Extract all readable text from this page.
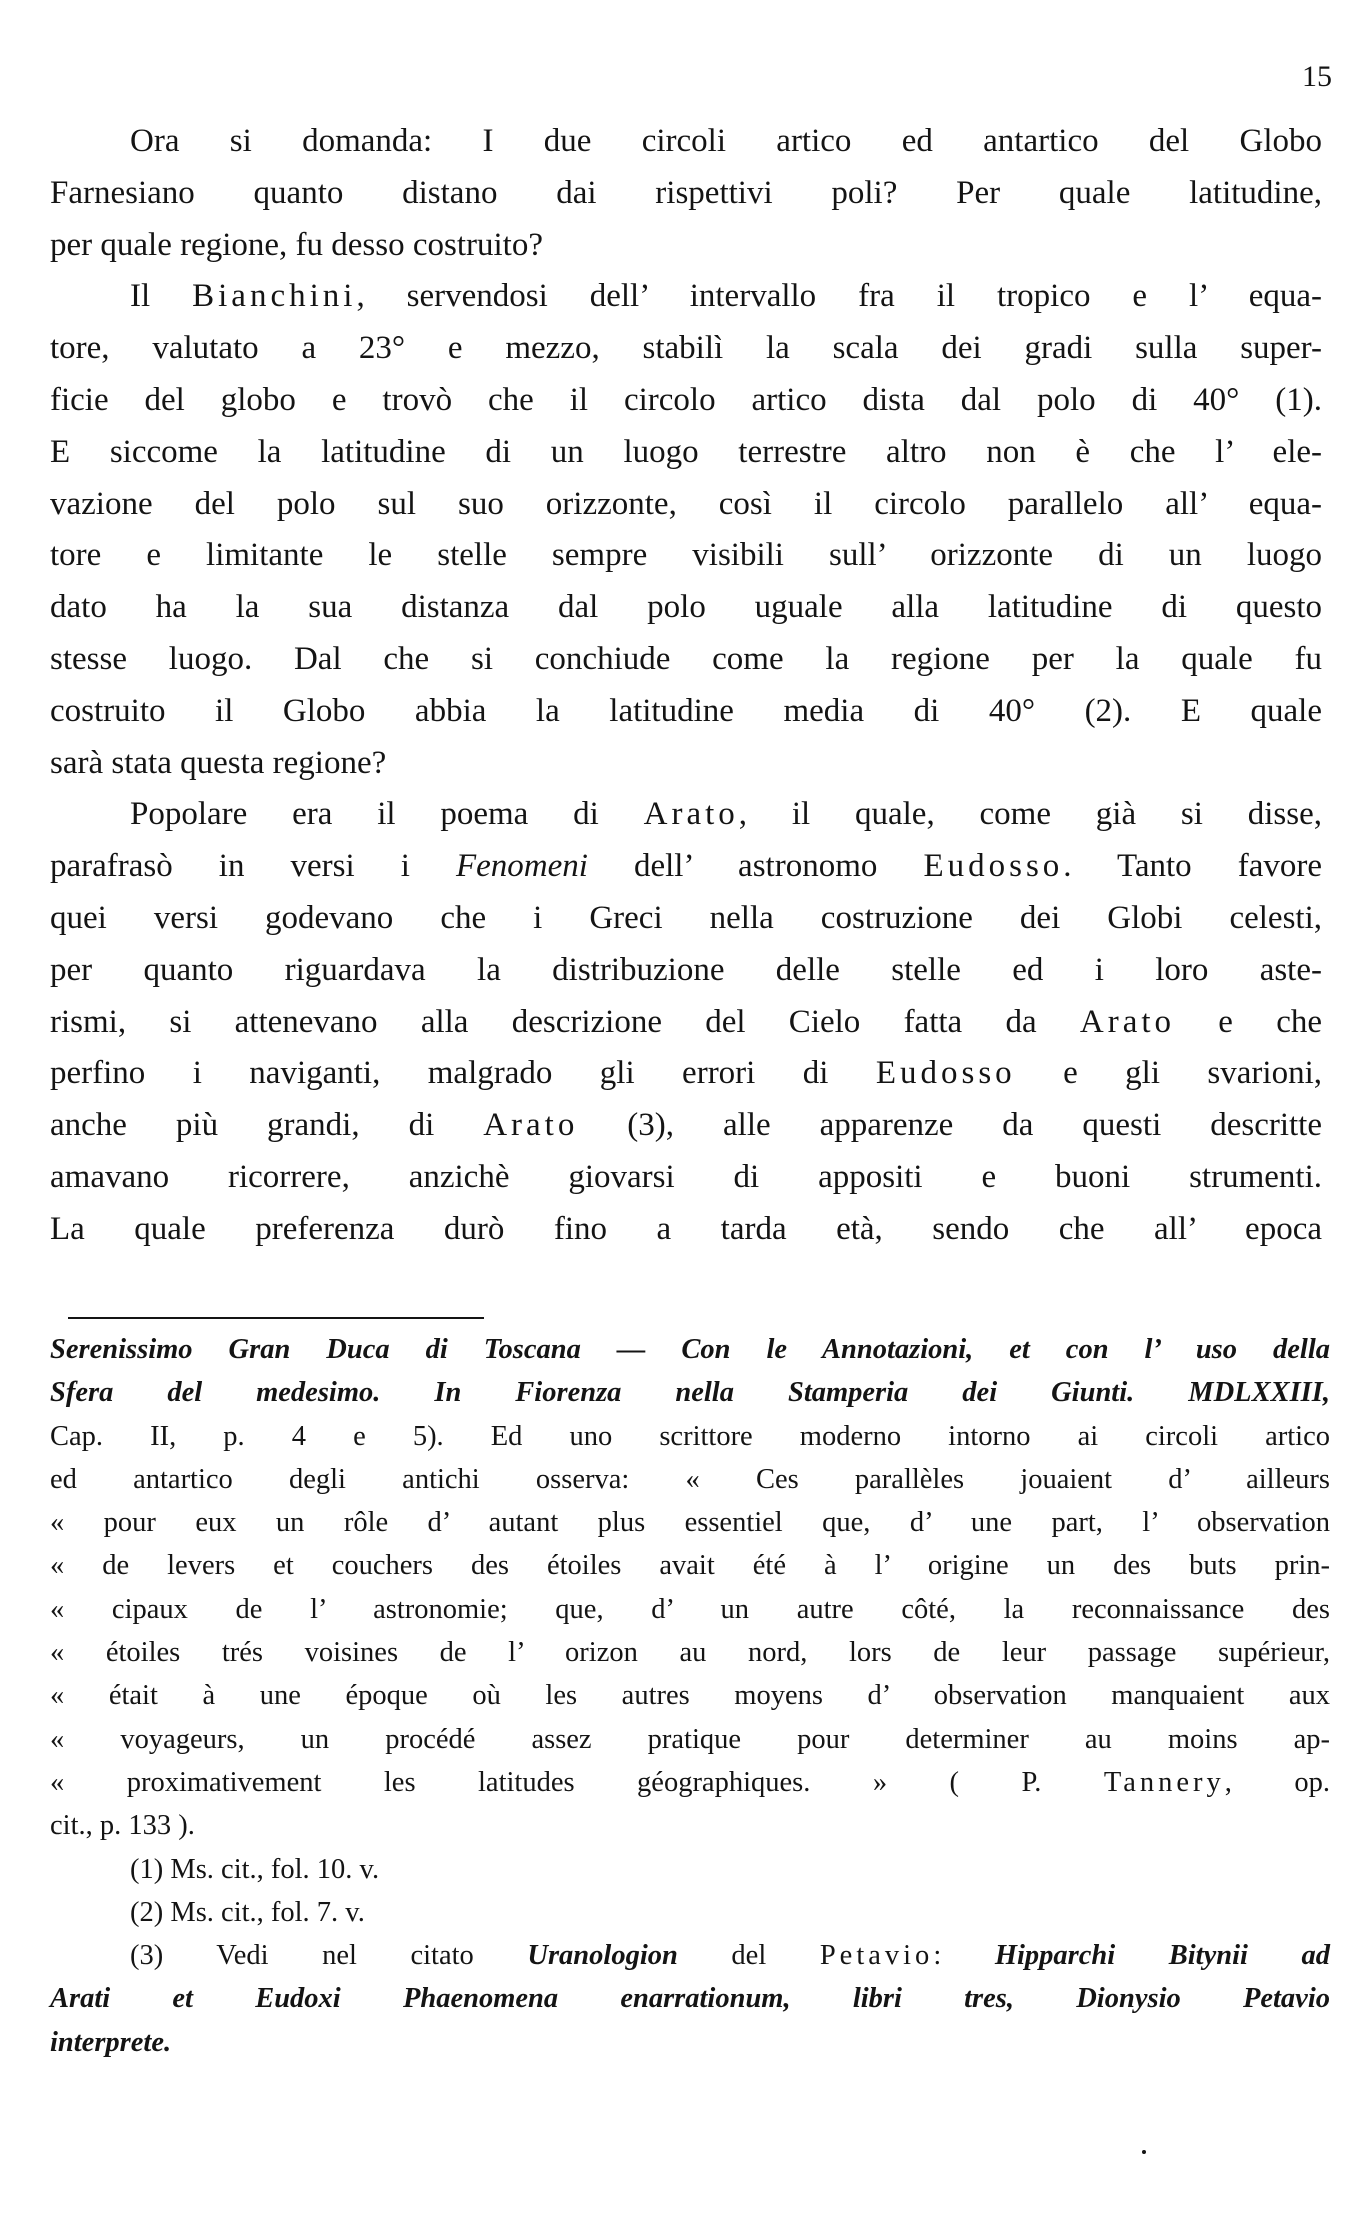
15
Ora si domanda: I due circoli artico ed antartico del Globo
Farnesiano quanto distano dai rispettivi poli? Per quale latitudine,
per quale regione, fu desso costruito?
Il Bianchini, servendosi dell’ intervallo fra il tropico e l’ equa-
tore, valutato a 23° e mezzo, stabilì la scala dei gradi sulla super-
ficie del globo e trovò che il circolo artico dista dal polo di 40° (1).
E siccome la latitudine di un luogo terrestre altro non è che l’ ele-
vazione del polo sul suo orizzonte, così il circolo parallelo all’ equa-
tore e limitante le stelle sempre visibili sull’ orizzonte di un luogo
dato ha la sua distanza dal polo uguale alla latitudine di questo
stesse luogo. Dal che si conchiude come la regione per la quale fu
costruito il Globo abbia la latitudine media di 40° (2). E quale
sarà stata questa regione?
Popolare era il poema di Arato, il quale, come già si disse,
parafrasò in versi i Fenomeni dell’ astronomo Eudosso. Tanto favore
quei versi godevano che i Greci nella costruzione dei Globi celesti,
per quanto riguardava la distribuzione delle stelle ed i loro aste-
rismi, si attenevano alla descrizione del Cielo fatta da Arato e che
perfino i naviganti, malgrado gli errori di Eudosso e gli svarioni,
anche più grandi, di Arato (3), alle apparenze da questi descritte
amavano ricorrere, anzichè giovarsi di appositi e buoni strumenti.
La quale preferenza durò fino a tarda età, sendo che all’ epoca
Serenissimo Gran Duca di Toscana — Con le Annotazioni, et con l’ uso della
Sfera del medesimo. In Fiorenza nella Stamperia dei Giunti. MDLXXIII,
Cap. II, p. 4 e 5). Ed uno scrittore moderno intorno ai circoli artico
ed antartico degli antichi osserva: « Ces parallèles jouaient d’ ailleurs
« pour eux un rôle d’ autant plus essentiel que, d’ une part, l’ observation
« de levers et couchers des étoiles avait été à l’ origine un des buts prin-
« cipaux de l’ astronomie; que, d’ un autre côté, la reconnaissance des
« étoiles trés voisines de l’ orizon au nord, lors de leur passage supérieur,
« était à une époque où les autres moyens d’ observation manquaient aux
« voyageurs, un procédé assez pratique pour determiner au moins ap-
« proximativement les latitudes géographiques. » ( P. Tannery, op.
cit., p. 133 ).
(1) Ms. cit., fol. 10. v.
(2) Ms. cit., fol. 7. v.
(3) Vedi nel citato Uranologion del Petavio: Hipparchi Bitynii ad
Arati et Eudoxi Phaenomena enarrationum, libri tres, Dionysio Petavio
interprete.
